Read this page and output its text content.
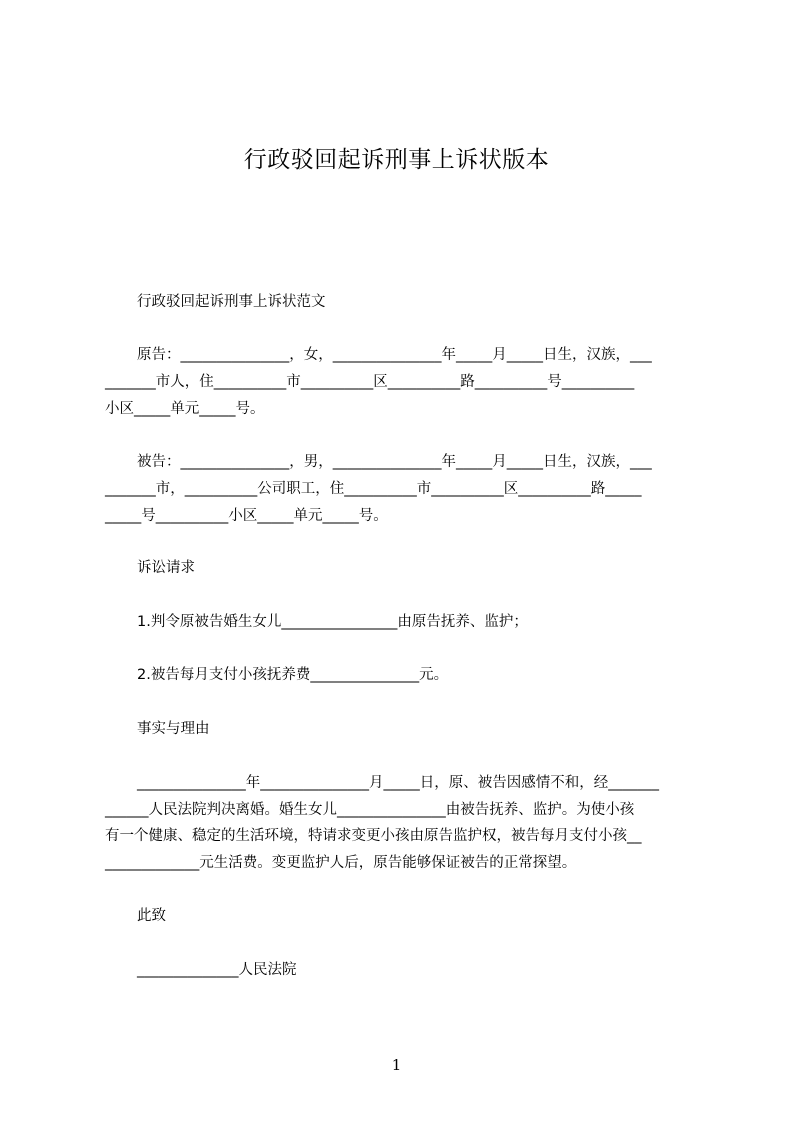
行政驳回起诉刑事上诉状版本
行政驳回起诉刑事上诉状范文
原告：_______________，女，_______________年_____月_____日生，汉族，___
_______市人，住__________市__________区__________路__________号__________
小区_____单元_____号。
被告：_______________，男，_______________年_____月_____日生，汉族，___
_______市，__________公司职工，住__________市__________区__________路_____
_____号__________小区_____单元_____号。
诉讼请求
1.判令原被告婚生女儿________________由原告抚养、监护；
2.被告每月支付小孩抚养费_______________元。
事实与理由
_______________年_______________月_____日，原、被告因感情不和，经_______
______人民法院判决离婚。婚生女儿_______________由被告抚养、监护。为使小孩
有一个健康、稳定的生活环境，特请求变更小孩由原告监护权，被告每月支付小孩__
_____________元生活费。变更监护人后，原告能够保证被告的正常探望。
此致
______________人民法院
1
